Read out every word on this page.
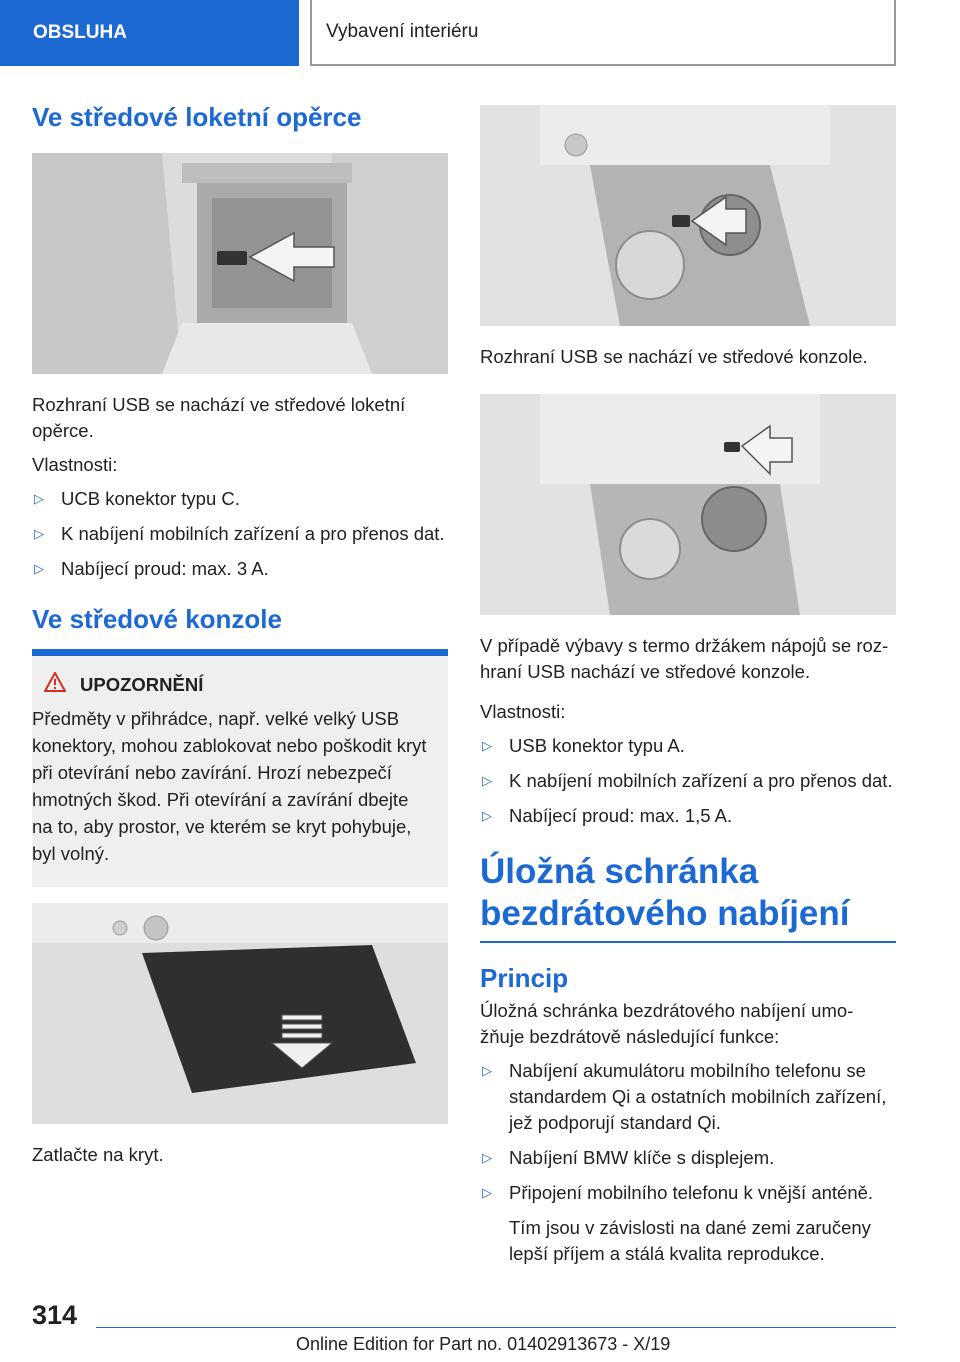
OBSLUHA	Vybavení interiéru
Ve středové loketní opěrce

Rozhraní USB se nachází ve středové loketní opěrce.

Vlastnosti:

▷ UCB konektor typu C.
▷ K nabíjení mobilních zařízení a pro přenos dat.
▷ Nabíjecí proud: max. 3 A.
Ve středové konzole
UPOZORNĚNÍ
Předměty v přihrádce, např. velké velký USB konektory, mohou zablokovat nebo poškodit kryt při otevírání nebo zavírání. Hrozí nebezpečí hmotných škod. Při otevírání a zavírání dbejte na to, aby prostor, ve kterém se kryt pohybuje, byl volný.

Zatlačte na kryt.

Rozhraní USB se nachází ve středové konzole.

V případě výbavy s termo držákem nápojů se roz‐hraní USB nachází ve středové konzole.

Vlastnosti:

▷ USB konektor typu A.
▷ K nabíjení mobilních zařízení a pro přenos dat.
▷ Nabíjecí proud: max. 1,5 A.
Úložná schránka bezdrátového nabíjení
Princip

Úložná schránka bezdrátového nabíjení umo‐žňuje bezdrátově následující funkce:

▷ Nabíjení akumulátoru mobilního telefonu se standardem Qi a ostatních mobilních zařízení, jež podporují standard Qi.
▷ Nabíjení BMW klíče s displejem.
▷ Připojení mobilního telefonu k vnější anténě.

Tím jsou v závislosti na dané zemi zaručeny lepší příjem a stálá kvalita reprodukce.

314
Online Edition for Part no. 01402913673 - X/19
